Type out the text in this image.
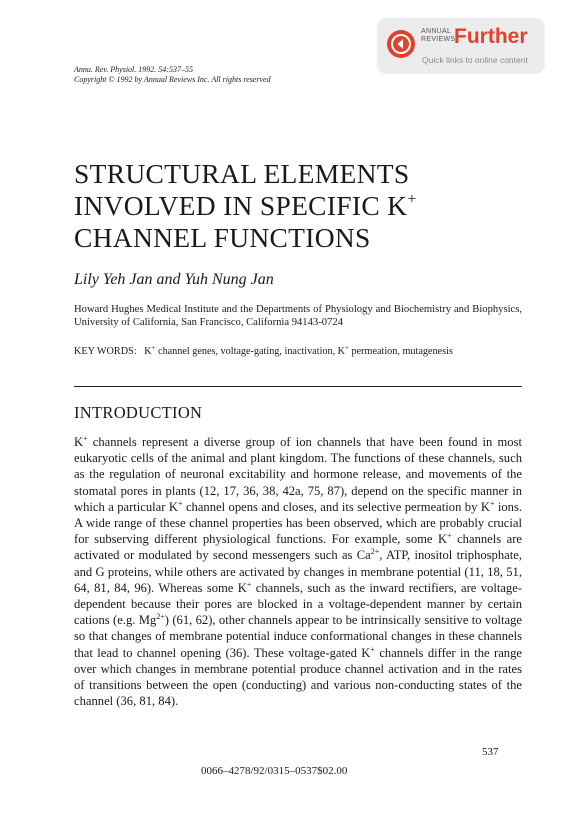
ANNUAL
REVIEWS
Further
Quick links to online content
Annu. Rev. Physiol. 1992. 54:537–55
Copyright © 1992 by Annual Reviews Inc. All rights reserved
STRUCTURAL ELEMENTS
INVOLVED IN SPECIFIC K+
CHANNEL FUNCTIONS
Lily Yeh Jan and Yuh Nung Jan
Howard Hughes Medical Institute and the Departments of Physiology and Biochemistry and Biophysics, University of California, San Francisco, California 94143-0724
KEY WORDS: K+ channel genes, voltage-gating, inactivation, K+ permeation, mutagenesis
INTRODUCTION
K+ channels represent a diverse group of ion channels that have been found in most eukaryotic cells of the animal and plant kingdom. The functions of these channels, such as the regulation of neuronal excitability and hormone release, and movements of the stomatal pores in plants (12, 17, 36, 38, 42a, 75, 87), depend on the specific manner in which a particular K+ channel opens and closes, and its selective permeation by K+ ions. A wide range of these channel properties has been observed, which are probably crucial for subserving different physiological functions. For example, some K+ channels are activated or modulated by second messengers such as $Ca^{2+}$, ATP, inositol triphosphate, and G proteins, while others are activated by changes in membrane potential (11, 18, 51, 64, 81, 84, 96). Whereas some K+ channels, such as the inward rectifiers, are voltage-dependent because their pores are blocked in a voltage-dependent manner by certain cations (e.g. $Mg^{2+}$) (61, 62), other channels appear to be intrinsically sensitive to voltage so that changes of membrane potential induce conformational changes in these channels that lead to channel opening (36). These voltage-gated K+ channels differ in the range over which changes in membrane potential produce channel activation and in the rates of transitions between the open (conducting) and various non-conducting states of the channel (36, 81, 84).
537
0066–4278/92/0315–0537$02.00
